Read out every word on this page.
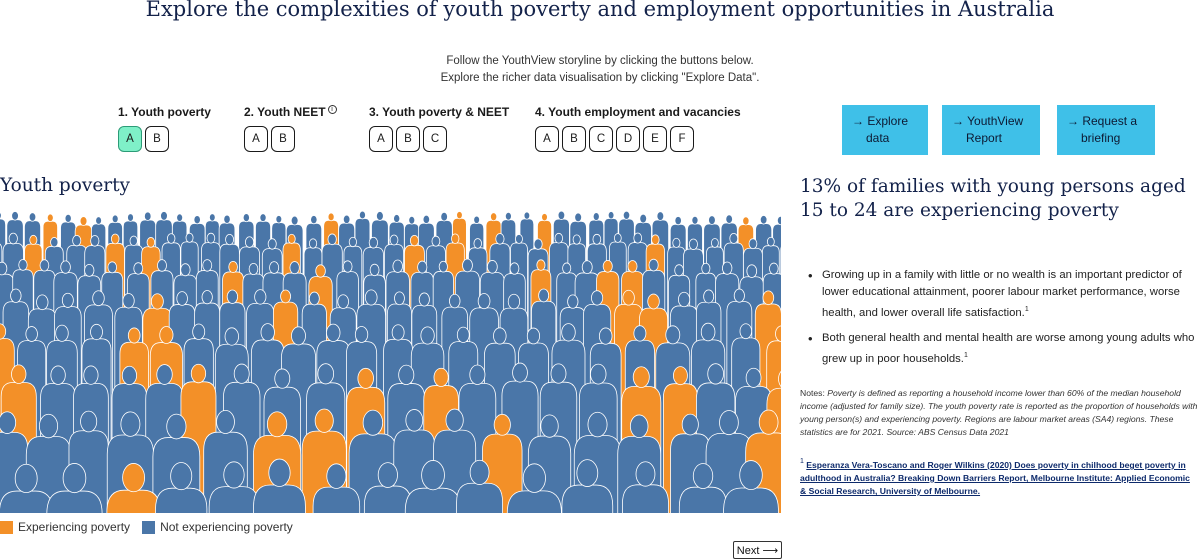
Explore the complexities of youth poverty and employment opportunities in Australia

Follow the YouthView storyline by clicking the buttons below.

Explore the richer data visualisation by clicking "Explore Data".

1. Youth poverty
A	B
2. Youth NEET i
A	B
3. Youth poverty & NEET
A	B	C
4. Youth employment and vacancies
A	B	C	D	E	F
→ Explore
data
→ YouthView
Report
→ Request a
briefing
Youth poverty
Experiencing poverty	Not experiencing poverty
Next ⟶
13% of families with young persons aged 15 to 24 are experiencing poverty
• Growing up in a family with little or no wealth is an important predictor of lower educational attainment, poorer labour market performance, worse health, and lower overall life satisfaction.$^1$
• Both general health and mental health are worse among young adults who grew up in poor households.$^1$

Notes: Poverty is defined as reporting a household income lower than 60% of the median household income (adjusted for family size). The youth poverty rate is reported as the proportion of households with young person(s) and experiencing poverty. Regions are labour market areas (SA4) regions. These statistics are for 2021. Source: ABS Census Data 2021

$^1$ Esperanza Vera-Toscano and Roger Wilkins (2020) Does poverty in chilhood beget poverty in adulthood in Australia? Breaking Down Barriers Report, Melbourne Institute: Applied Economic & Social Research, University of Melbourne.
